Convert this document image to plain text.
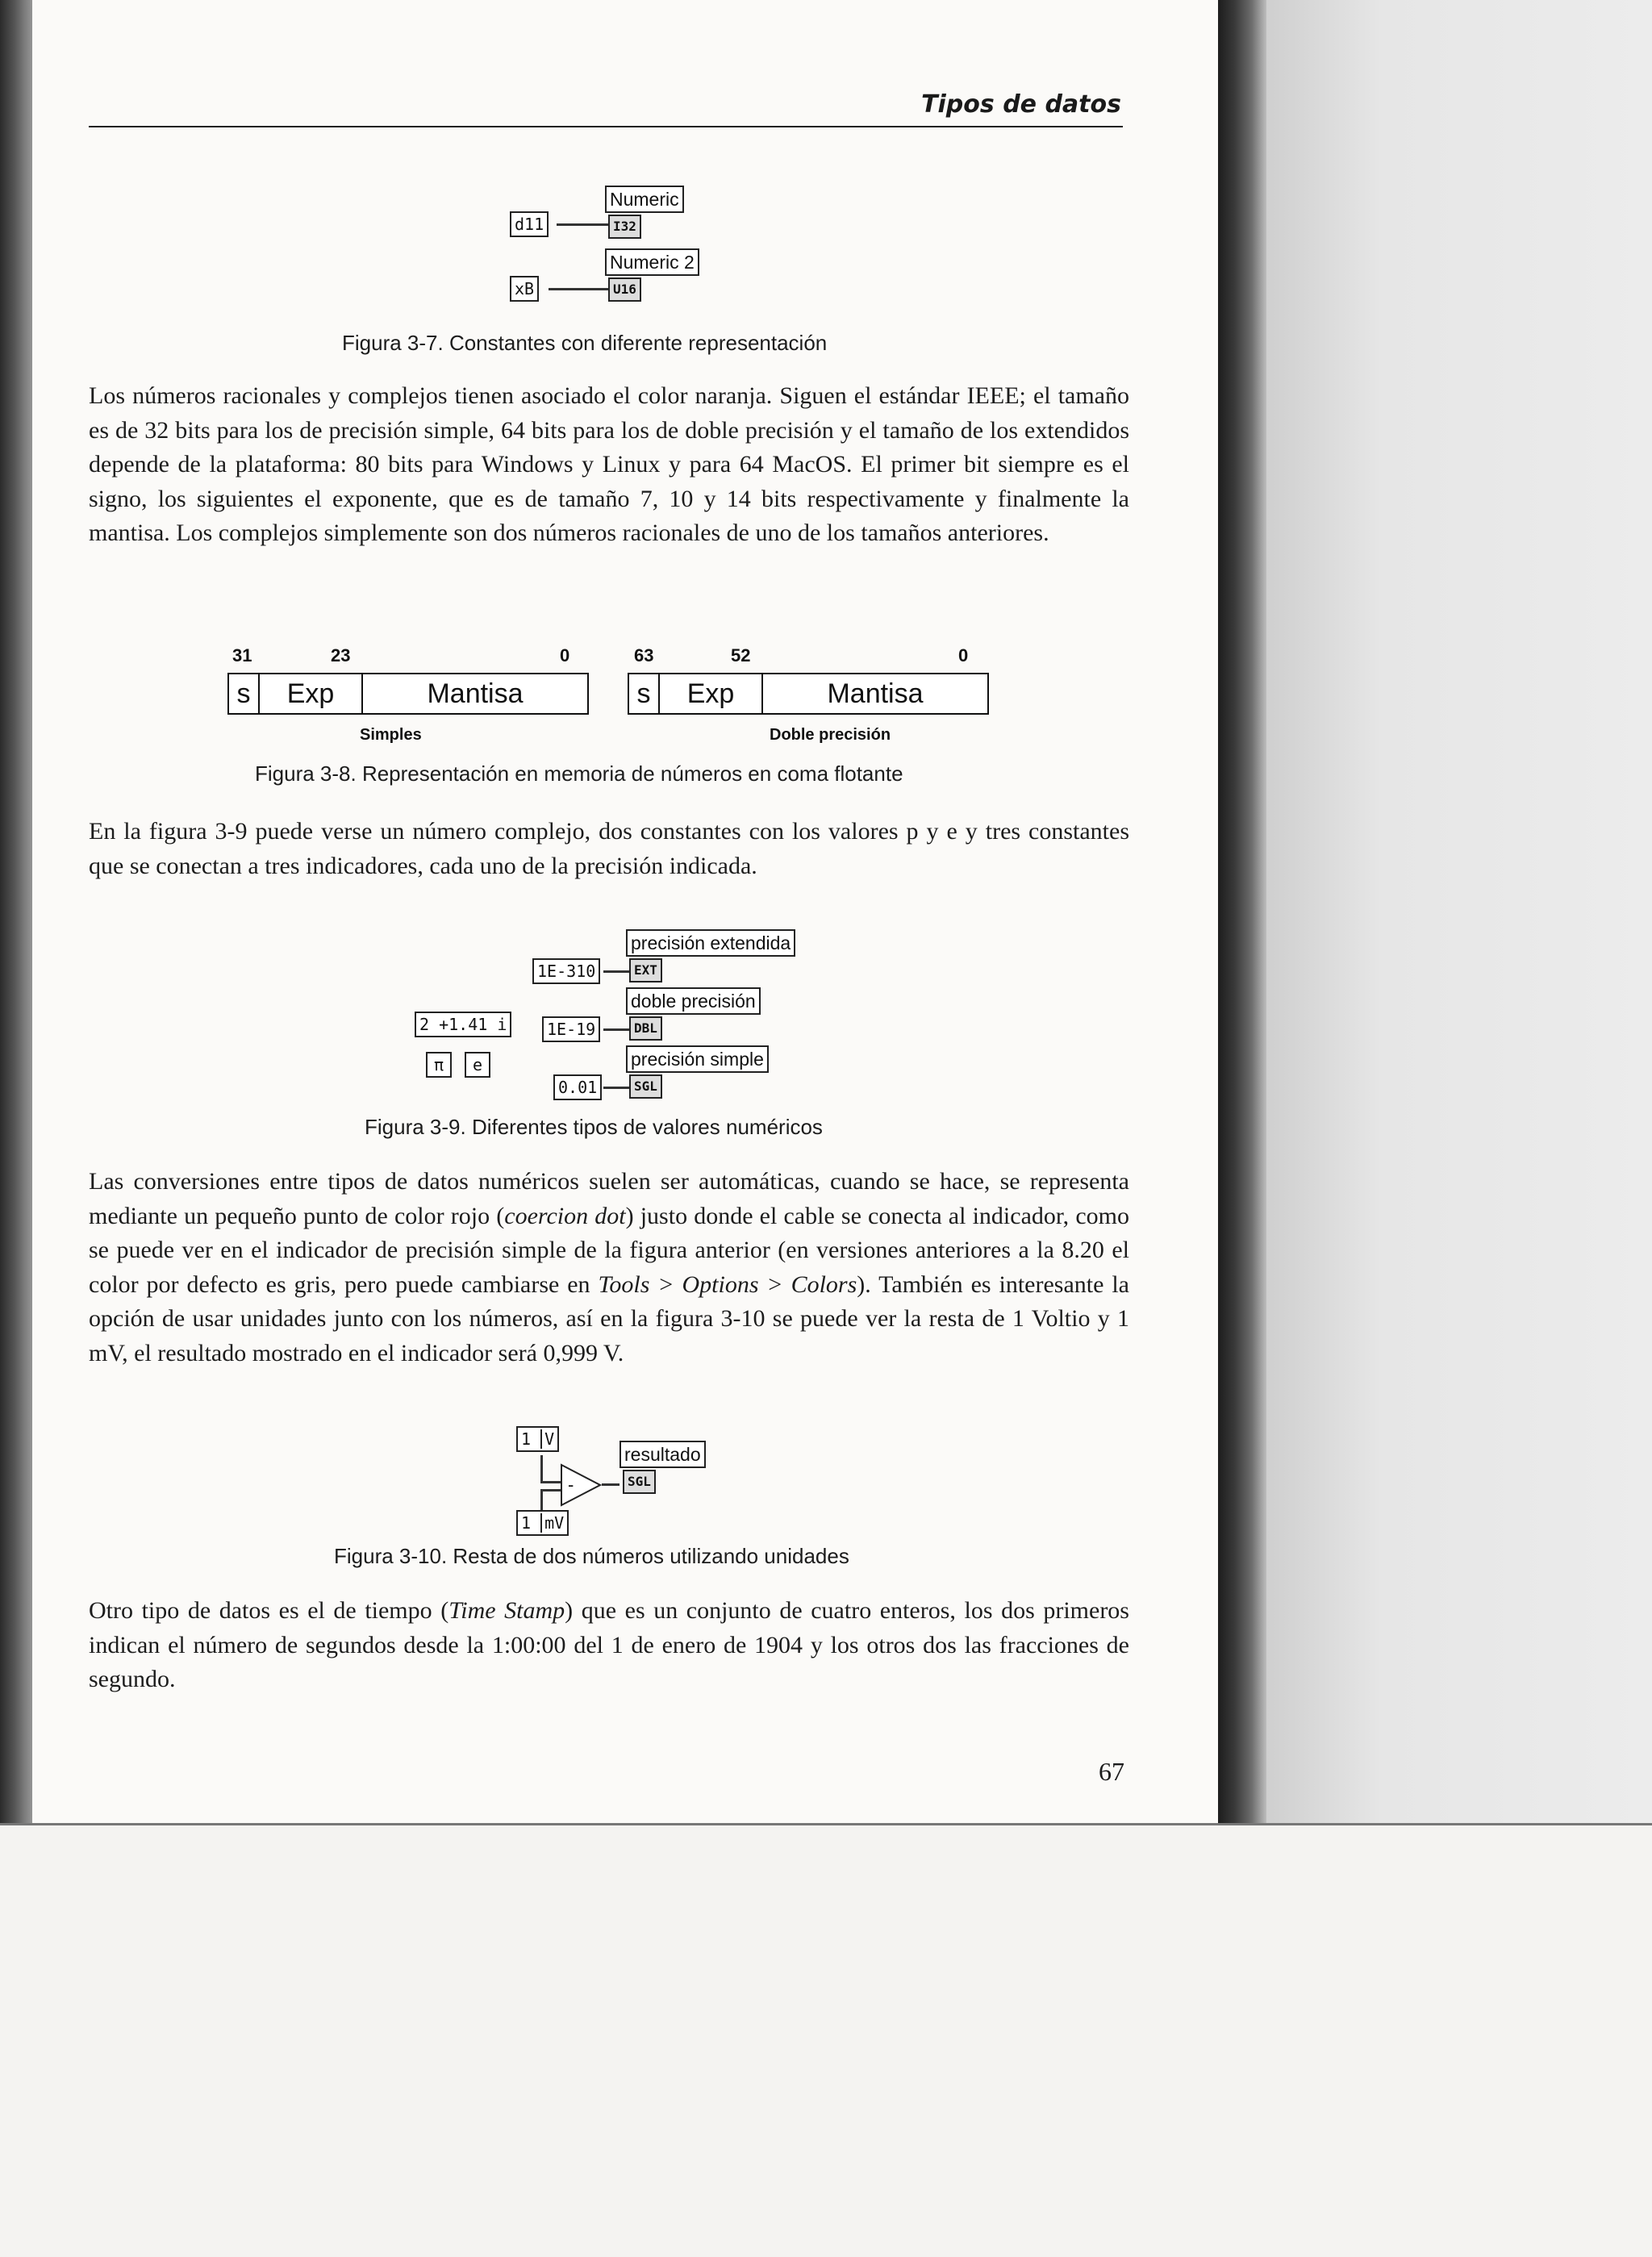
Tipos de datos
Numeric
I32
d11
Numeric 2
U16
xB
Figura 3-7. Constantes con diferente representación

Los números racionales y complejos tienen asociado el color naranja. Siguen el estándar IEEE; el tamaño es de 32 bits para los de precisión simple, 64 bits para los de doble precisión y el tamaño de los extendidos depende de la plataforma: 80 bits para Windows y Linux y para 64 MacOS. El primer bit siempre es el signo, los siguientes el exponente, que es de tamaño 7, 10 y 14 bits respectivamente y finalmente la mantisa. Los complejos simplemente son dos números racionales de uno de los tamaños anteriores.

31	23	0
s	Exp	Mantisa
Simples
63	52	0
s	Exp	Mantisa
Doble precisión
Figura 3-8. Representación en memoria de números en coma flotante

En la figura 3-9 puede verse un número complejo, dos constantes con los valores p y e y tres constantes que se conectan a tres indicadores, cada uno de la precisión indicada.

precisión extendida
EXT
1E-310
doble precisión
DBL
1E-19
precisión simple
SGL
0.01
2 +1.41 i
π	e
Figura 3-9. Diferentes tipos de valores numéricos

Las conversiones entre tipos de datos numéricos suelen ser automáticas, cuando se hace, se representa mediante un pequeño punto de color rojo (coercion dot) justo donde el cable se conecta al indicador, como se puede ver en el indicador de precisión simple de la figura anterior (en versiones anteriores a la 8.20 el color por defecto es gris, pero puede cambiarse en Tools > Options > Colors). También es interesante la opción de usar unidades junto con los números, así en la figura 3-10 se puede ver la resta de 1 Voltio y 1 mV, el resultado mostrado en el indicador será 0,999 V.

1 V
1 mV
-
resultado
SGL
Figura 3-10. Resta de dos números utilizando unidades

Otro tipo de datos es el de tiempo (Time Stamp) que es un conjunto de cuatro enteros, los dos primeros indican el número de segundos desde la 1:00:00 del 1 de enero de 1904 y los otros dos las fracciones de segundo.

67
